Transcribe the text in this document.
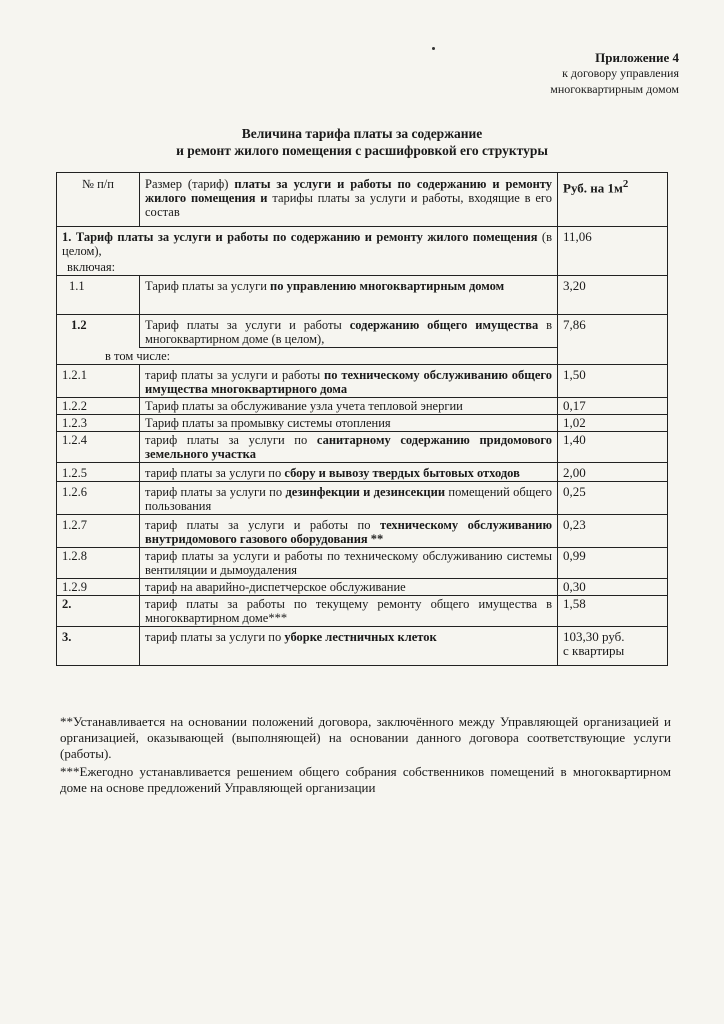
Приложение 4
к договору управления
многоквартирным домом
Величина тарифа платы за содержание
и ремонт жилого помещения с расшифровкой его структуры
№ п/п	Размер (тариф) платы за услуги и работы по содержанию и ремонту жилого помещения и тарифы платы за услуги и работы, входящие в его состав	Руб. на $1м^2$
1. Тариф платы за услуги и работы по содержанию и ремонту жилого помещения (в целом),		11,06
включая:		
1.1	Тариф платы за услуги по управлению многоквартирным домом	3,20
1.2	Тариф платы за услуги и работы содержанию общего имущества в многоквартирном доме (в целом),	7,86
в том числе:		
1.2.1	тариф платы за услуги и работы по техническому обслуживанию общего имущества многоквартирного дома	1,50
1.2.2	Тариф платы за обслуживание узла учета тепловой энергии	0,17
1.2.3	Тариф платы за промывку системы отопления	1,02
1.2.4	тариф платы за услуги по санитарному содержанию придомового земельного участка	1,40
1.2.5	тариф платы за услуги по сбору и вывозу твердых бытовых отходов	2,00
1.2.6	тариф платы за услуги по дезинфекции и дезинсекции помещений общего пользования	0,25
1.2.7	тариф платы за услуги и работы по техническому обслуживанию внутридомового газового оборудования **	0,23
1.2.8	тариф платы за услуги и работы по техническому обслуживанию системы вентиляции и дымоудаления	0,99
1.2.9	тариф на аварийно-диспетчерское обслуживание	0,30
2.	тариф платы за работы по текущему ремонту общего имущества в многоквартирном доме***	1,58
3.	тариф платы за услуги по уборке лестничных клеток	103,30 руб.
с квартиры
**Устанавливается на основании положений договора, заключённого между Управляющей организацией и организацией, оказывающей (выполняющей) на основании данного договора соответствующие услуги (работы).
***Ежегодно устанавливается решением общего собрания собственников помещений в многоквартирном доме на основе предложений Управляющей организации
